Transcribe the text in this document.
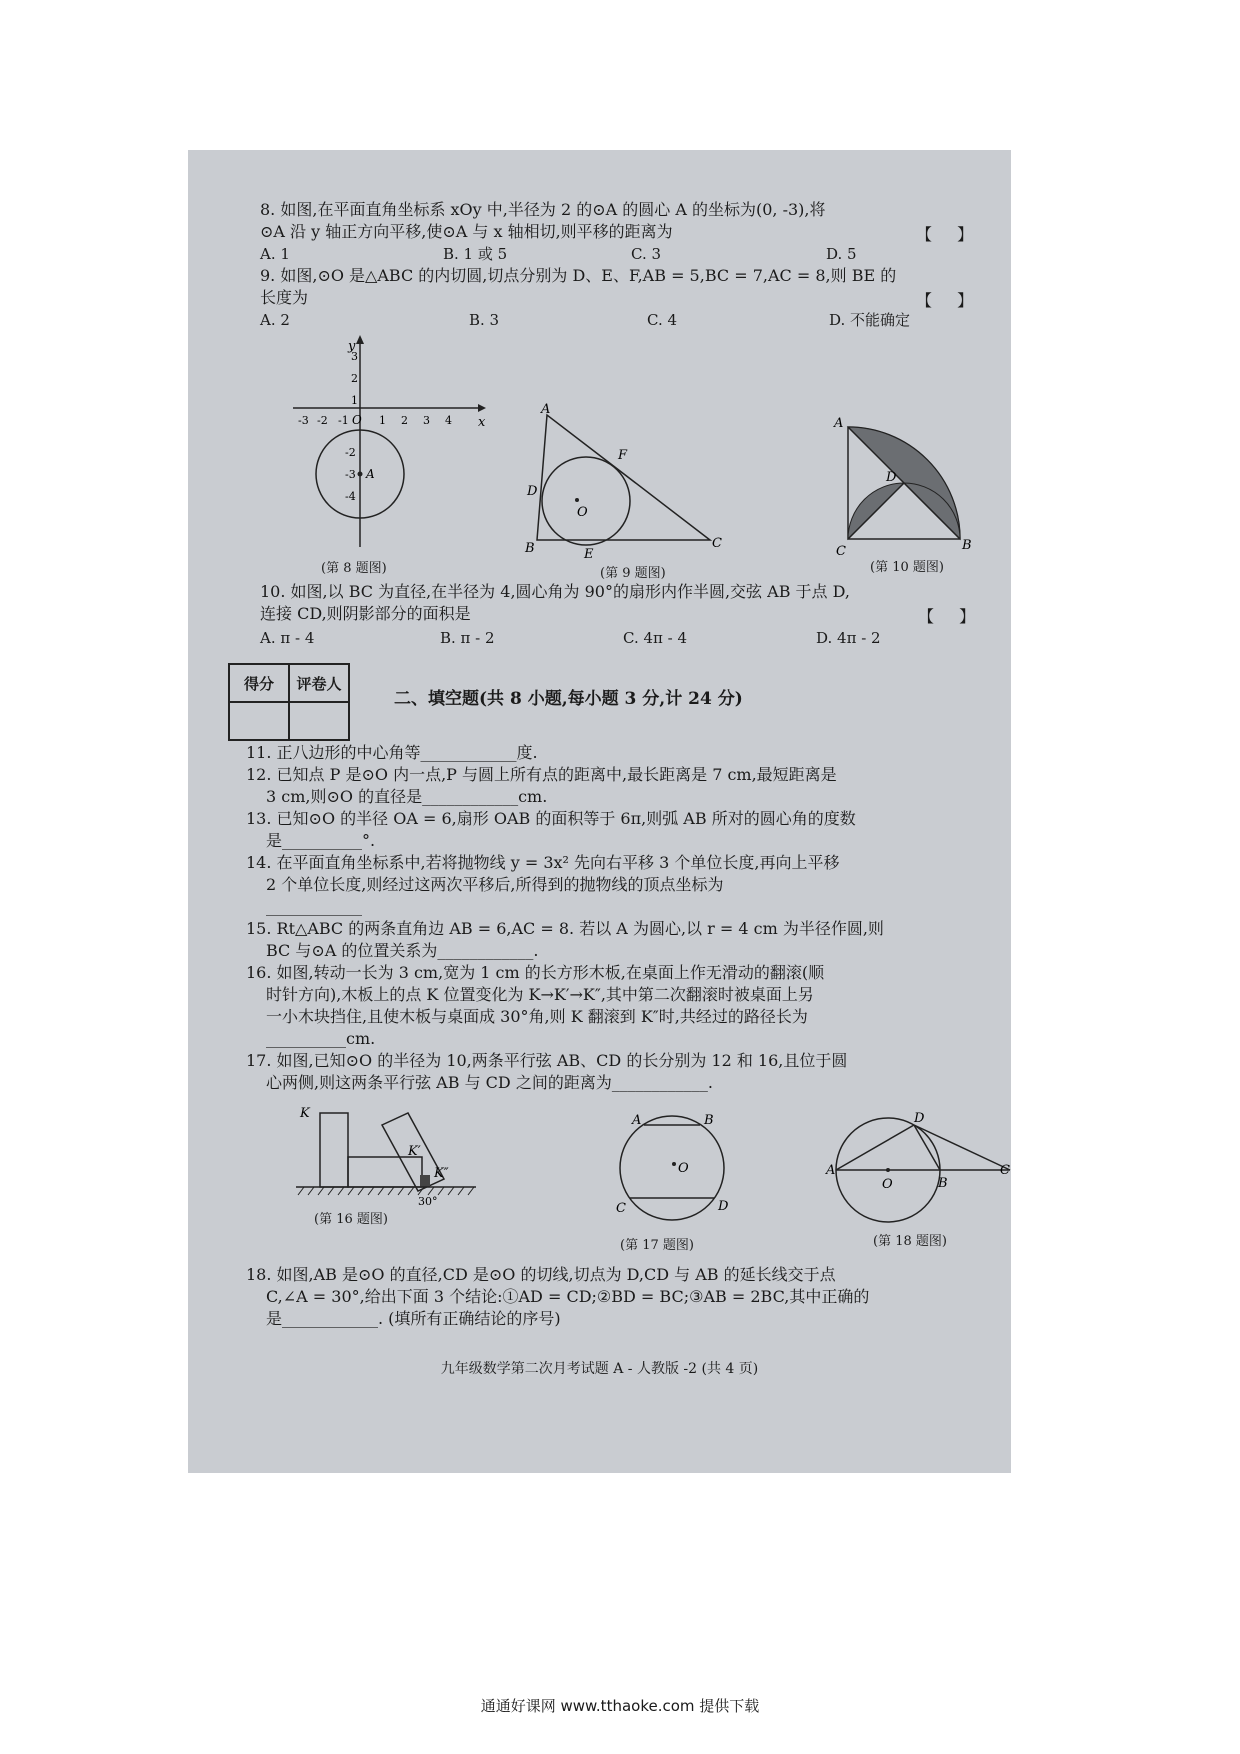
8. 如图,在平面直角坐标系 xOy 中,半径为 2 的⊙A 的圆心 A 的坐标为(0, -3),将
⊙A 沿 y 轴正方向平移,使⊙A 与 x 轴相切,则平移的距离为	【 】
A. 1	B. 1 或 5	C. 3	D. 5
9. 如图,⊙O 是△ABC 的内切圆,切点分别为 D、E、F,AB = 5,BC = 7,AC = 8,则 BE 的
长度为	【 】
A. 2	B. 3	C. 4	D. 不能确定
x
y
-3 -2 -1 O 1 2 3 4
3
2
1
-2
-3
-4
A
(第 8 题图)
A
B	C
D
E
F
O
(第 9 题图)
A
B
C
D
(第 10 题图)
10. 如图,以 BC 为直径,在半径为 4,圆心角为 90°的扇形内作半圆,交弦 AB 于点 D,
连接 CD,则阴影部分的面积是	【 】
A. π - 4	B. π - 2	C. 4π - 4	D. 4π - 2
得分	评卷人

二、填空题(共 8 小题,每小题 3 分,计 24 分)
11. 正八边形的中心角等____________度.
12. 已知点 P 是⊙O 内一点,P 与圆上所有点的距离中,最长距离是 7 cm,最短距离是
3 cm,则⊙O 的直径是____________cm.
13. 已知⊙O 的半径 OA = 6,扇形 OAB 的面积等于 6π,则弧 AB 所对的圆心角的度数
是__________°.
14. 在平面直角坐标系中,若将抛物线 y = 3x² 先向右平移 3 个单位长度,再向上平移
2 个单位长度,则经过这两次平移后,所得到的抛物线的顶点坐标为
____________
15. Rt△ABC 的两条直角边 AB = 6,AC = 8. 若以 A 为圆心,以 r = 4 cm 为半径作圆,则
BC 与⊙A 的位置关系为____________.
16. 如图,转动一长为 3 cm,宽为 1 cm 的长方形木板,在桌面上作无滑动的翻滚(顺
时针方向),木板上的点 K 位置变化为 K→K′→K″,其中第二次翻滚时被桌面上另
一小木块挡住,且使木板与桌面成 30°角,则 K 翻滚到 K″时,共经过的路径长为
__________cm.
17. 如图,已知⊙O 的半径为 10,两条平行弦 AB、CD 的长分别为 12 和 16,且位于圆
心两侧,则这两条平行弦 AB 与 CD 之间的距离为____________.
K
K′
K″
30°
(第 16 题图)
A	B
C	D
O
(第 17 题图)
A
B
C
D
O
(第 18 题图)
18. 如图,AB 是⊙O 的直径,CD 是⊙O 的切线,切点为 D,CD 与 AB 的延长线交于点
C,∠A = 30°,给出下面 3 个结论:①AD = CD;②BD = BC;③AB = 2BC,其中正确的
是____________. (填所有正确结论的序号)
九年级数学第二次月考试题 A - 人教版 -2 (共 4 页)
通通好课网 www.tthaoke.com 提供下载
